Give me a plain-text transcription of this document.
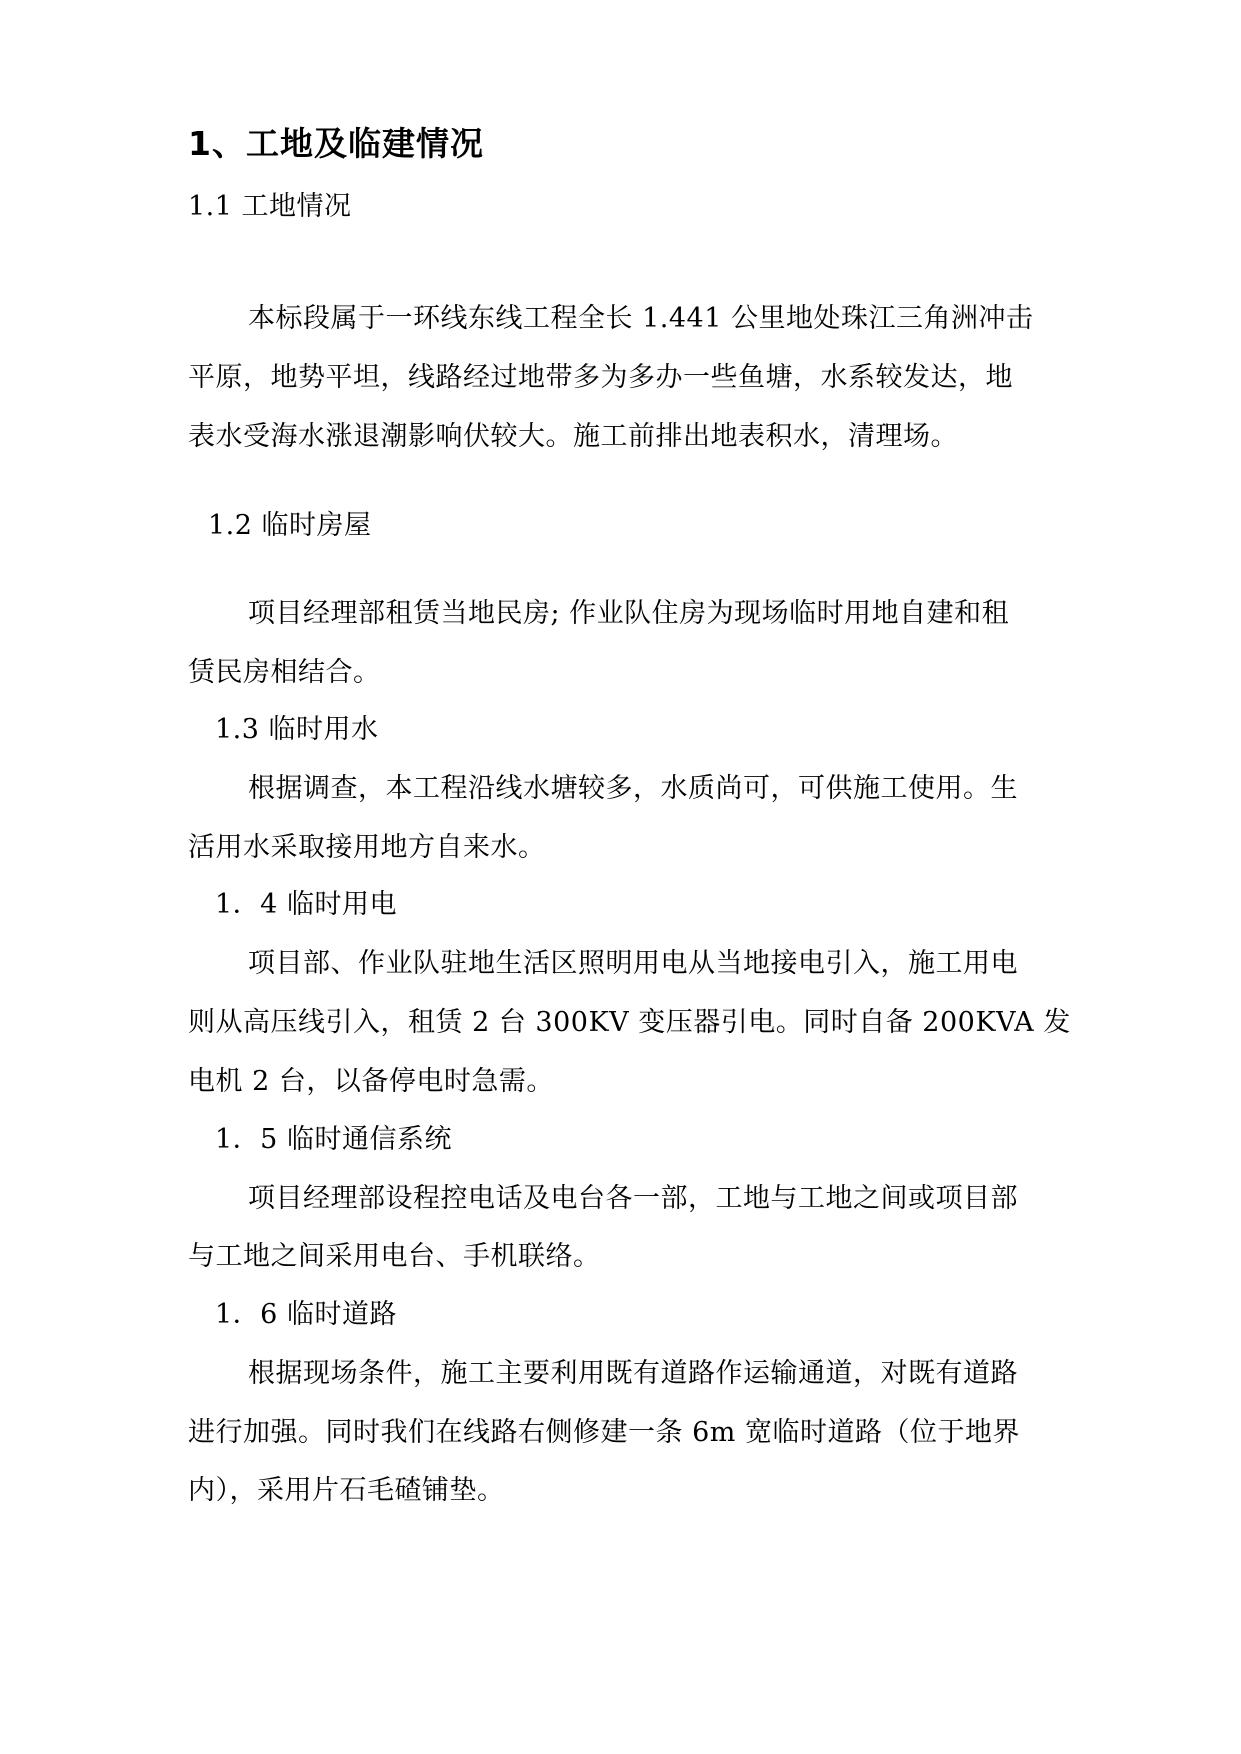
1、工地及临建情况
1.1 工地情况
本标段属于一环线东线工程全长 1.441 公里地处珠江三角洲冲击
平原，地势平坦，线路经过地带多为多办一些鱼塘，水系较发达，地
表水受海水涨退潮影响伏较大。施工前排出地表积水，清理场。
1.2 临时房屋
项目经理部租赁当地民房; 作业队住房为现场临时用地自建和租
赁民房相结合。
1.3 临时用水
根据调查，本工程沿线水塘较多，水质尚可，可供施工使用。生
活用水采取接用地方自来水。
1．4 临时用电
项目部、作业队驻地生活区照明用电从当地接电引入，施工用电
则从高压线引入，租赁 2 台 300KV 变压器引电。同时自备 200KVA 发
电机 2 台，以备停电时急需。
1．5 临时通信系统
项目经理部设程控电话及电台各一部，工地与工地之间或项目部
与工地之间采用电台、手机联络。
1．6 临时道路
根据现场条件，施工主要利用既有道路作运输通道，对既有道路
进行加强。同时我们在线路右侧修建一条 6m 宽临时道路（位于地界
内），采用片石毛碴铺垫。
